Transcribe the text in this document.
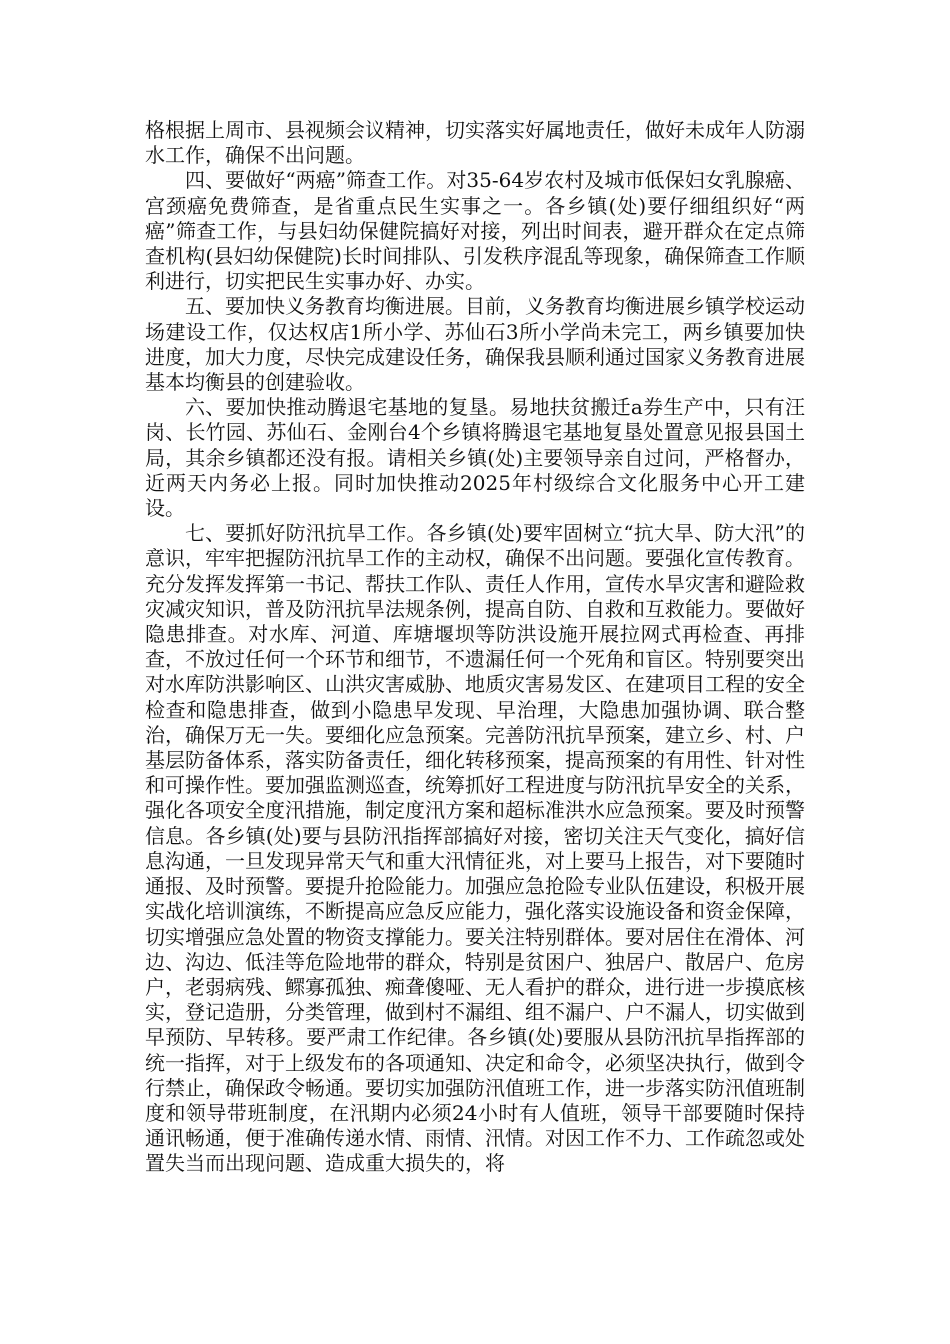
格根据上周市、县视频会议精神，切实落实好属地责任，做好未成年人防溺水工作，确保不出问题。

四、要做好“两癌”筛查工作。对35-64岁农村及城市低保妇女乳腺癌、宫颈癌免费筛查，是省重点民生实事之一。各乡镇(处)要仔细组织好“两癌”筛查工作，与县妇幼保健院搞好对接，列出时间表，避开群众在定点筛查机构(县妇幼保健院)长时间排队、引发秩序混乱等现象，确保筛查工作顺利进行，切实把民生实事办好、办实。

五、要加快义务教育均衡进展。目前，义务教育均衡进展乡镇学校运动场建设工作，仅达权店1所小学、苏仙石3所小学尚未完工，两乡镇要加快进度，加大力度，尽快完成建设任务，确保我县顺利通过国家义务教育进展基本均衡县的创建验收。

六、要加快推动腾退宅基地的复垦。易地扶贫搬迁a券生产中，只有汪岗、长竹园、苏仙石、金刚台4个乡镇将腾退宅基地复垦处置意见报县国土局，其余乡镇都还没有报。请相关乡镇(处)主要领导亲自过问，严格督办，近两天内务必上报。同时加快推动2025年村级综合文化服务中心开工建设。

七、要抓好防汛抗旱工作。各乡镇(处)要牢固树立“抗大旱、防大汛”的意识，牢牢把握防汛抗旱工作的主动权，确保不出问题。要强化宣传教育。充分发挥发挥第一书记、帮扶工作队、责任人作用，宣传水旱灾害和避险救灾减灾知识，普及防汛抗旱法规条例，提高自防、自救和互救能力。要做好隐患排查。对水库、河道、库塘堰坝等防洪设施开展拉网式再检查、再排查，不放过任何一个环节和细节，不遗漏任何一个死角和盲区。特别要突出对水库防洪影响区、山洪灾害威胁、地质灾害易发区、在建项目工程的安全检查和隐患排查，做到小隐患早发现、早治理，大隐患加强协调、联合整治，确保万无一失。要细化应急预案。完善防汛抗旱预案，建立乡、村、户基层防备体系，落实防备责任，细化转移预案，提高预案的有用性、针对性和可操作性。要加强监测巡查，统筹抓好工程进度与防汛抗旱安全的关系，强化各项安全度汛措施，制定度汛方案和超标准洪水应急预案。要及时预警信息。各乡镇(处)要与县防汛指挥部搞好对接，密切关注天气变化，搞好信息沟通，一旦发现异常天气和重大汛情征兆，对上要马上报告，对下要随时通报、及时预警。要提升抢险能力。加强应急抢险专业队伍建设，积极开展实战化培训演练，不断提高应急反应能力，强化落实设施设备和资金保障，切实增强应急处置的物资支撑能力。要关注特别群体。要对居住在滑体、河边、沟边、低洼等危险地带的群众，特别是贫困户、独居户、散居户、危房户，老弱病残、鳏寡孤独、痴聋傻哑、无人看护的群众，进行进一步摸底核实，登记造册，分类管理，做到村不漏组、组不漏户、户不漏人，切实做到早预防、早转移。要严肃工作纪律。各乡镇(处)要服从县防汛抗旱指挥部的统一指挥，对于上级发布的各项通知、决定和命令，必须坚决执行，做到令行禁止，确保政令畅通。要切实加强防汛值班工作，进一步落实防汛值班制度和领导带班制度，在汛期内必须24小时有人值班，领导干部要随时保持通讯畅通，便于准确传递水情、雨情、汛情。对因工作不力、工作疏忽或处置失当而出现问题、造成重大损失的，将
